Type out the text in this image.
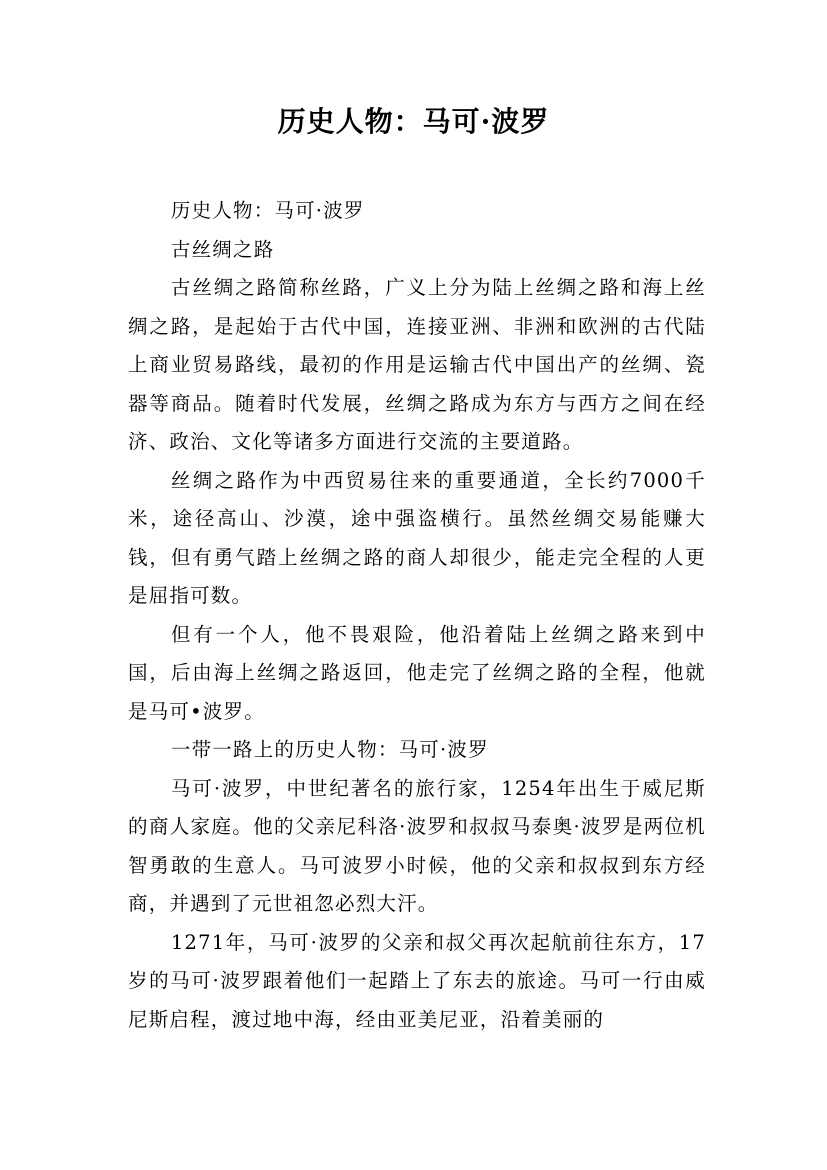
历史人物：马可·波罗

历史人物：马可·波罗

古丝绸之路

古丝绸之路简称丝路，广义上分为陆上丝绸之路和海上丝绸之路，是起始于古代中国，连接亚洲、非洲和欧洲的古代陆上商业贸易路线，最初的作用是运输古代中国出产的丝绸、瓷器等商品。随着时代发展，丝绸之路成为东方与西方之间在经济、政治、文化等诸多方面进行交流的主要道路。

丝绸之路作为中西贸易往来的重要通道，全长约7000千米，途径高山、沙漠，途中强盗横行。虽然丝绸交易能赚大钱，但有勇气踏上丝绸之路的商人却很少，能走完全程的人更是屈指可数。

但有一个人，他不畏艰险，他沿着陆上丝绸之路来到中国，后由海上丝绸之路返回，他走完了丝绸之路的全程，他就是马可•波罗。

一带一路上的历史人物：马可·波罗

马可·波罗，中世纪著名的旅行家，1254年出生于威尼斯的商人家庭。他的父亲尼科洛·波罗和叔叔马泰奥·波罗是两位机智勇敢的生意人。马可波罗小时候，他的父亲和叔叔到东方经商，并遇到了元世祖忽必烈大汗。

1271年，马可·波罗的父亲和叔父再次起航前往东方，17岁的马可·波罗跟着他们一起踏上了东去的旅途。马可一行由威尼斯启程，渡过地中海，经由亚美尼亚，沿着美丽的
